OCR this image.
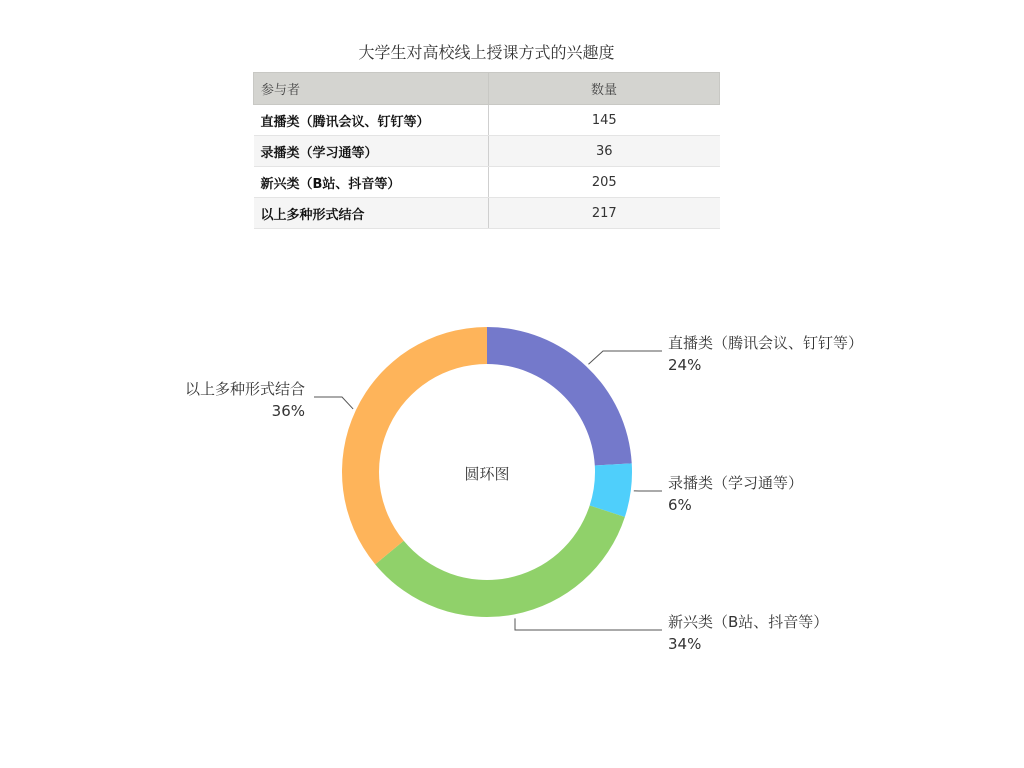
大学生对高校线上授课方式的兴趣度
参与者	数量
直播类（腾讯会议、钉钉等）	145
录播类（学习通等）	36
新兴类（B站、抖音等）	205
以上多种形式结合	217
直播类（腾讯会议、钉钉等）
24%
录播类（学习通等）
6%
新兴类（B站、抖音等）
34%
以上多种形式结合
36%
圆环图
